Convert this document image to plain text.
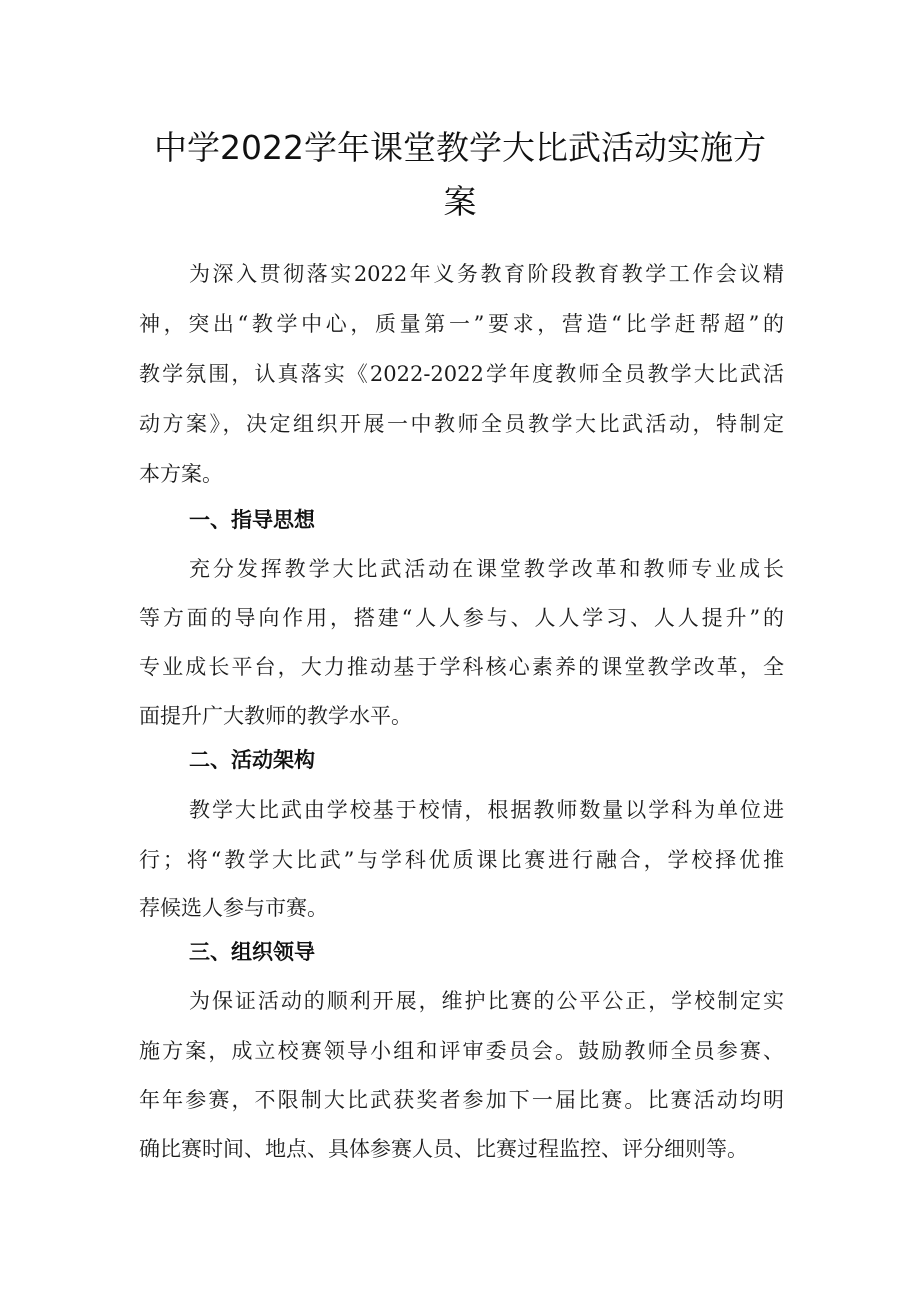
中学2022学年课堂教学大比武活动实施方
案
为深入贯彻落实2022年义务教育阶段教育教学工作会议精
神，突出“教学中心，质量第一”要求，营造“比学赶帮超”的
教学氛围，认真落实《2022-2022学年度教师全员教学大比武活
动方案》，决定组织开展一中教师全员教学大比武活动，特制定
本方案。
一、指导思想
充分发挥教学大比武活动在课堂教学改革和教师专业成长
等方面的导向作用，搭建“人人参与、人人学习、人人提升”的
专业成长平台，大力推动基于学科核心素养的课堂教学改革，全
面提升广大教师的教学水平。
二、活动架构
教学大比武由学校基于校情，根据教师数量以学科为单位进
行；将“教学大比武”与学科优质课比赛进行融合，学校择优推
荐候选人参与市赛。
三、组织领导
为保证活动的顺利开展，维护比赛的公平公正，学校制定实
施方案，成立校赛领导小组和评审委员会。鼓励教师全员参赛、
年年参赛，不限制大比武获奖者参加下一届比赛。比赛活动均明
确比赛时间、地点、具体参赛人员、比赛过程监控、评分细则等。
